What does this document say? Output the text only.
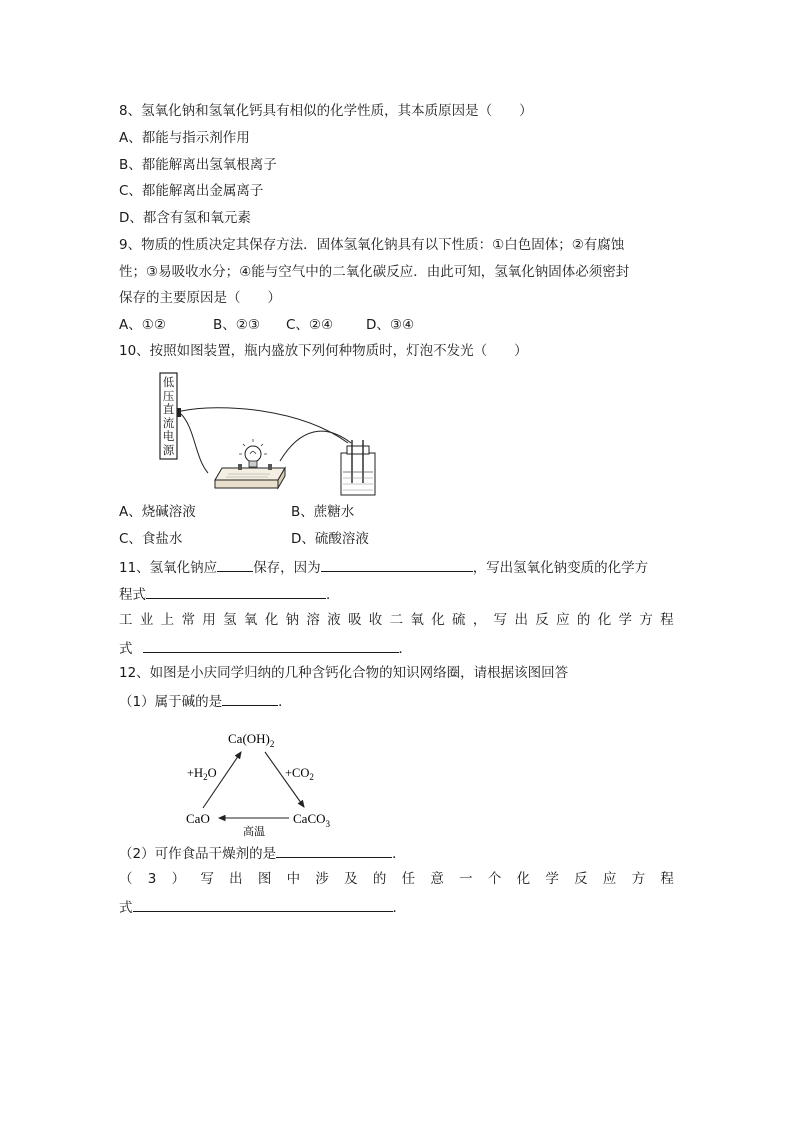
8、氢氧化钠和氢氧化钙具有相似的化学性质，其本质原因是（　　）
A、都能与指示剂作用
B、都能解离出氢氧根离子
C、都能解离出金属离子
D、都含有氢和氧元素
9、物质的性质决定其保存方法．固体氢氧化钠具有以下性质：①白色固体；②有腐蚀
性；③易吸收水分；④能与空气中的二氧化碳反应．由此可知，氢氧化钠固体必须密封
保存的主要原因是（　　）
A、①②	B、②③ C、②④ D、③④
10、按照如图装置，瓶内盛放下列何种物质时，灯泡不发光（　　）
低
压
直
流
电
源
A、烧碱溶液	B、蔗糖水
C、食盐水	D、硫酸溶液
11、氢氧化钠应	保存，因为	，写出氢氧化钠变质的化学方
程式	．
工 业 上 常 用 氢 氧 化 钠 溶 液 吸 收 二 氧 化 硫 ， 写 出 反 应 的 化 学 方 程
式	．
12、如图是小庆同学归纳的几种含钙化合物的知识网络圈，请根据该图回答
（1）属于碱的是	．
$Ca(OH)_2$
CaO	CaCO$_3$
$+H_2O$	$+CO_2$
高温
（2）可作食品干燥剂的是	．
（ 3 ） 写 出 图 中 涉 及 的 任 意 一 个 化 学 反 应 方 程
式	．
